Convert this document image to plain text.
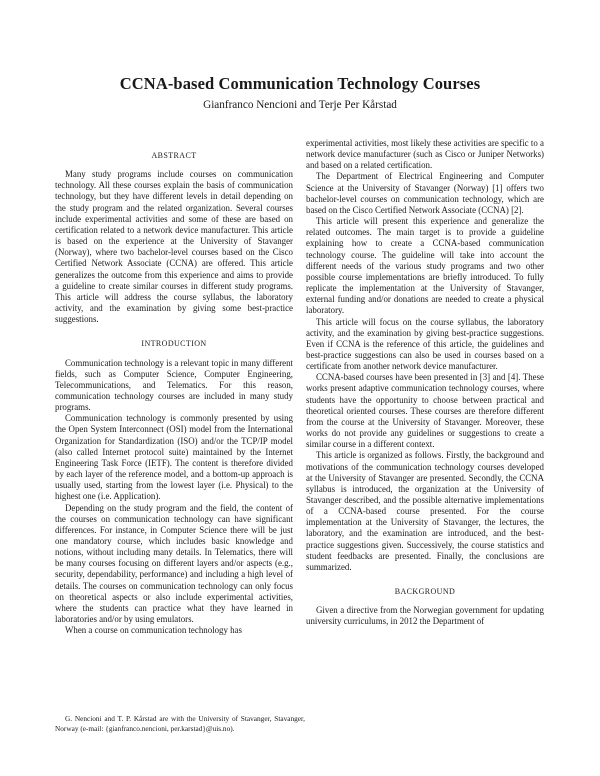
CCNA-based Communication Technology Courses
Gianfranco Nencioni and Terje Per Kårstad
ABSTRACT

Many study programs include courses on communication technology. All these courses explain the basis of communication technology, but they have different levels in detail depending on the study program and the related organization. Several courses include experimental activities and some of these are based on certification related to a network device manufacturer. This article is based on the experience at the University of Stavanger (Norway), where two bachelor-level courses based on the Cisco Certified Network Associate (CCNA) are offered. This article generalizes the outcome from this experience and aims to provide a guideline to create similar courses in different study programs. This article will address the course syllabus, the laboratory activity, and the examination by giving some best-practice suggestions.

INTRODUCTION

Communication technology is a relevant topic in many different fields, such as Computer Science, Computer Engineering, Telecommunications, and Telematics. For this reason, communication technology courses are included in many study programs.

Communication technology is commonly presented by using the Open System Interconnect (OSI) model from the International Organization for Standardization (ISO) and/or the TCP/IP model (also called Internet protocol suite) maintained by the Internet Engineering Task Force (IETF). The content is therefore divided by each layer of the reference model, and a bottom-up approach is usually used, starting from the lowest layer (i.e. Physical) to the highest one (i.e. Application).

Depending on the study program and the field, the content of the courses on communication technology can have significant differences. For instance, in Computer Science there will be just one mandatory course, which includes basic knowledge and notions, without including many details. In Telematics, there will be many courses focusing on different layers and/or aspects (e.g., security, dependability, performance) and including a high level of details. The courses on communication technology can only focus on theoretical aspects or also include experimental activities, where the students can practice what they have learned in laboratories and/or by using emulators.

When a course on communication technology has

G. Nencioni and T. P. Kårstad are with the University of Stavanger, Stavanger, Norway (e-mail: {gianfranco.nencioni, per.karstad}@uis.no).

experimental activities, most likely these activities are specific to a network device manufacturer (such as Cisco or Juniper Networks) and based on a related certification.

The Department of Electrical Engineering and Computer Science at the University of Stavanger (Norway) [1] offers two bachelor-level courses on communication technology, which are based on the Cisco Certified Network Associate (CCNA) [2].

This article will present this experience and generalize the related outcomes. The main target is to provide a guideline explaining how to create a CCNA-based communication technology course. The guideline will take into account the different needs of the various study programs and two other possible course implementations are briefly introduced. To fully replicate the implementation at the University of Stavanger, external funding and/or donations are needed to create a physical laboratory.

This article will focus on the course syllabus, the laboratory activity, and the examination by giving best-practice suggestions. Even if CCNA is the reference of this article, the guidelines and best-practice suggestions can also be used in courses based on a certificate from another network device manufacturer.

CCNA-based courses have been presented in [3] and [4]. These works present adaptive communication technology courses, where students have the opportunity to choose between practical and theoretical oriented courses. These courses are therefore different from the course at the University of Stavanger. Moreover, these works do not provide any guidelines or suggestions to create a similar course in a different context.

This article is organized as follows. Firstly, the background and motivations of the communication technology courses developed at the University of Stavanger are presented. Secondly, the CCNA syllabus is introduced, the organization at the University of Stavanger described, and the possible alternative implementations of a CCNA-based course presented. For the course implementation at the University of Stavanger, the lectures, the laboratory, and the examination are introduced, and the best-practice suggestions given. Successively, the course statistics and student feedbacks are presented. Finally, the conclusions are summarized.

BACKGROUND

Given a directive from the Norwegian government for updating university curriculums, in 2012 the Department of
